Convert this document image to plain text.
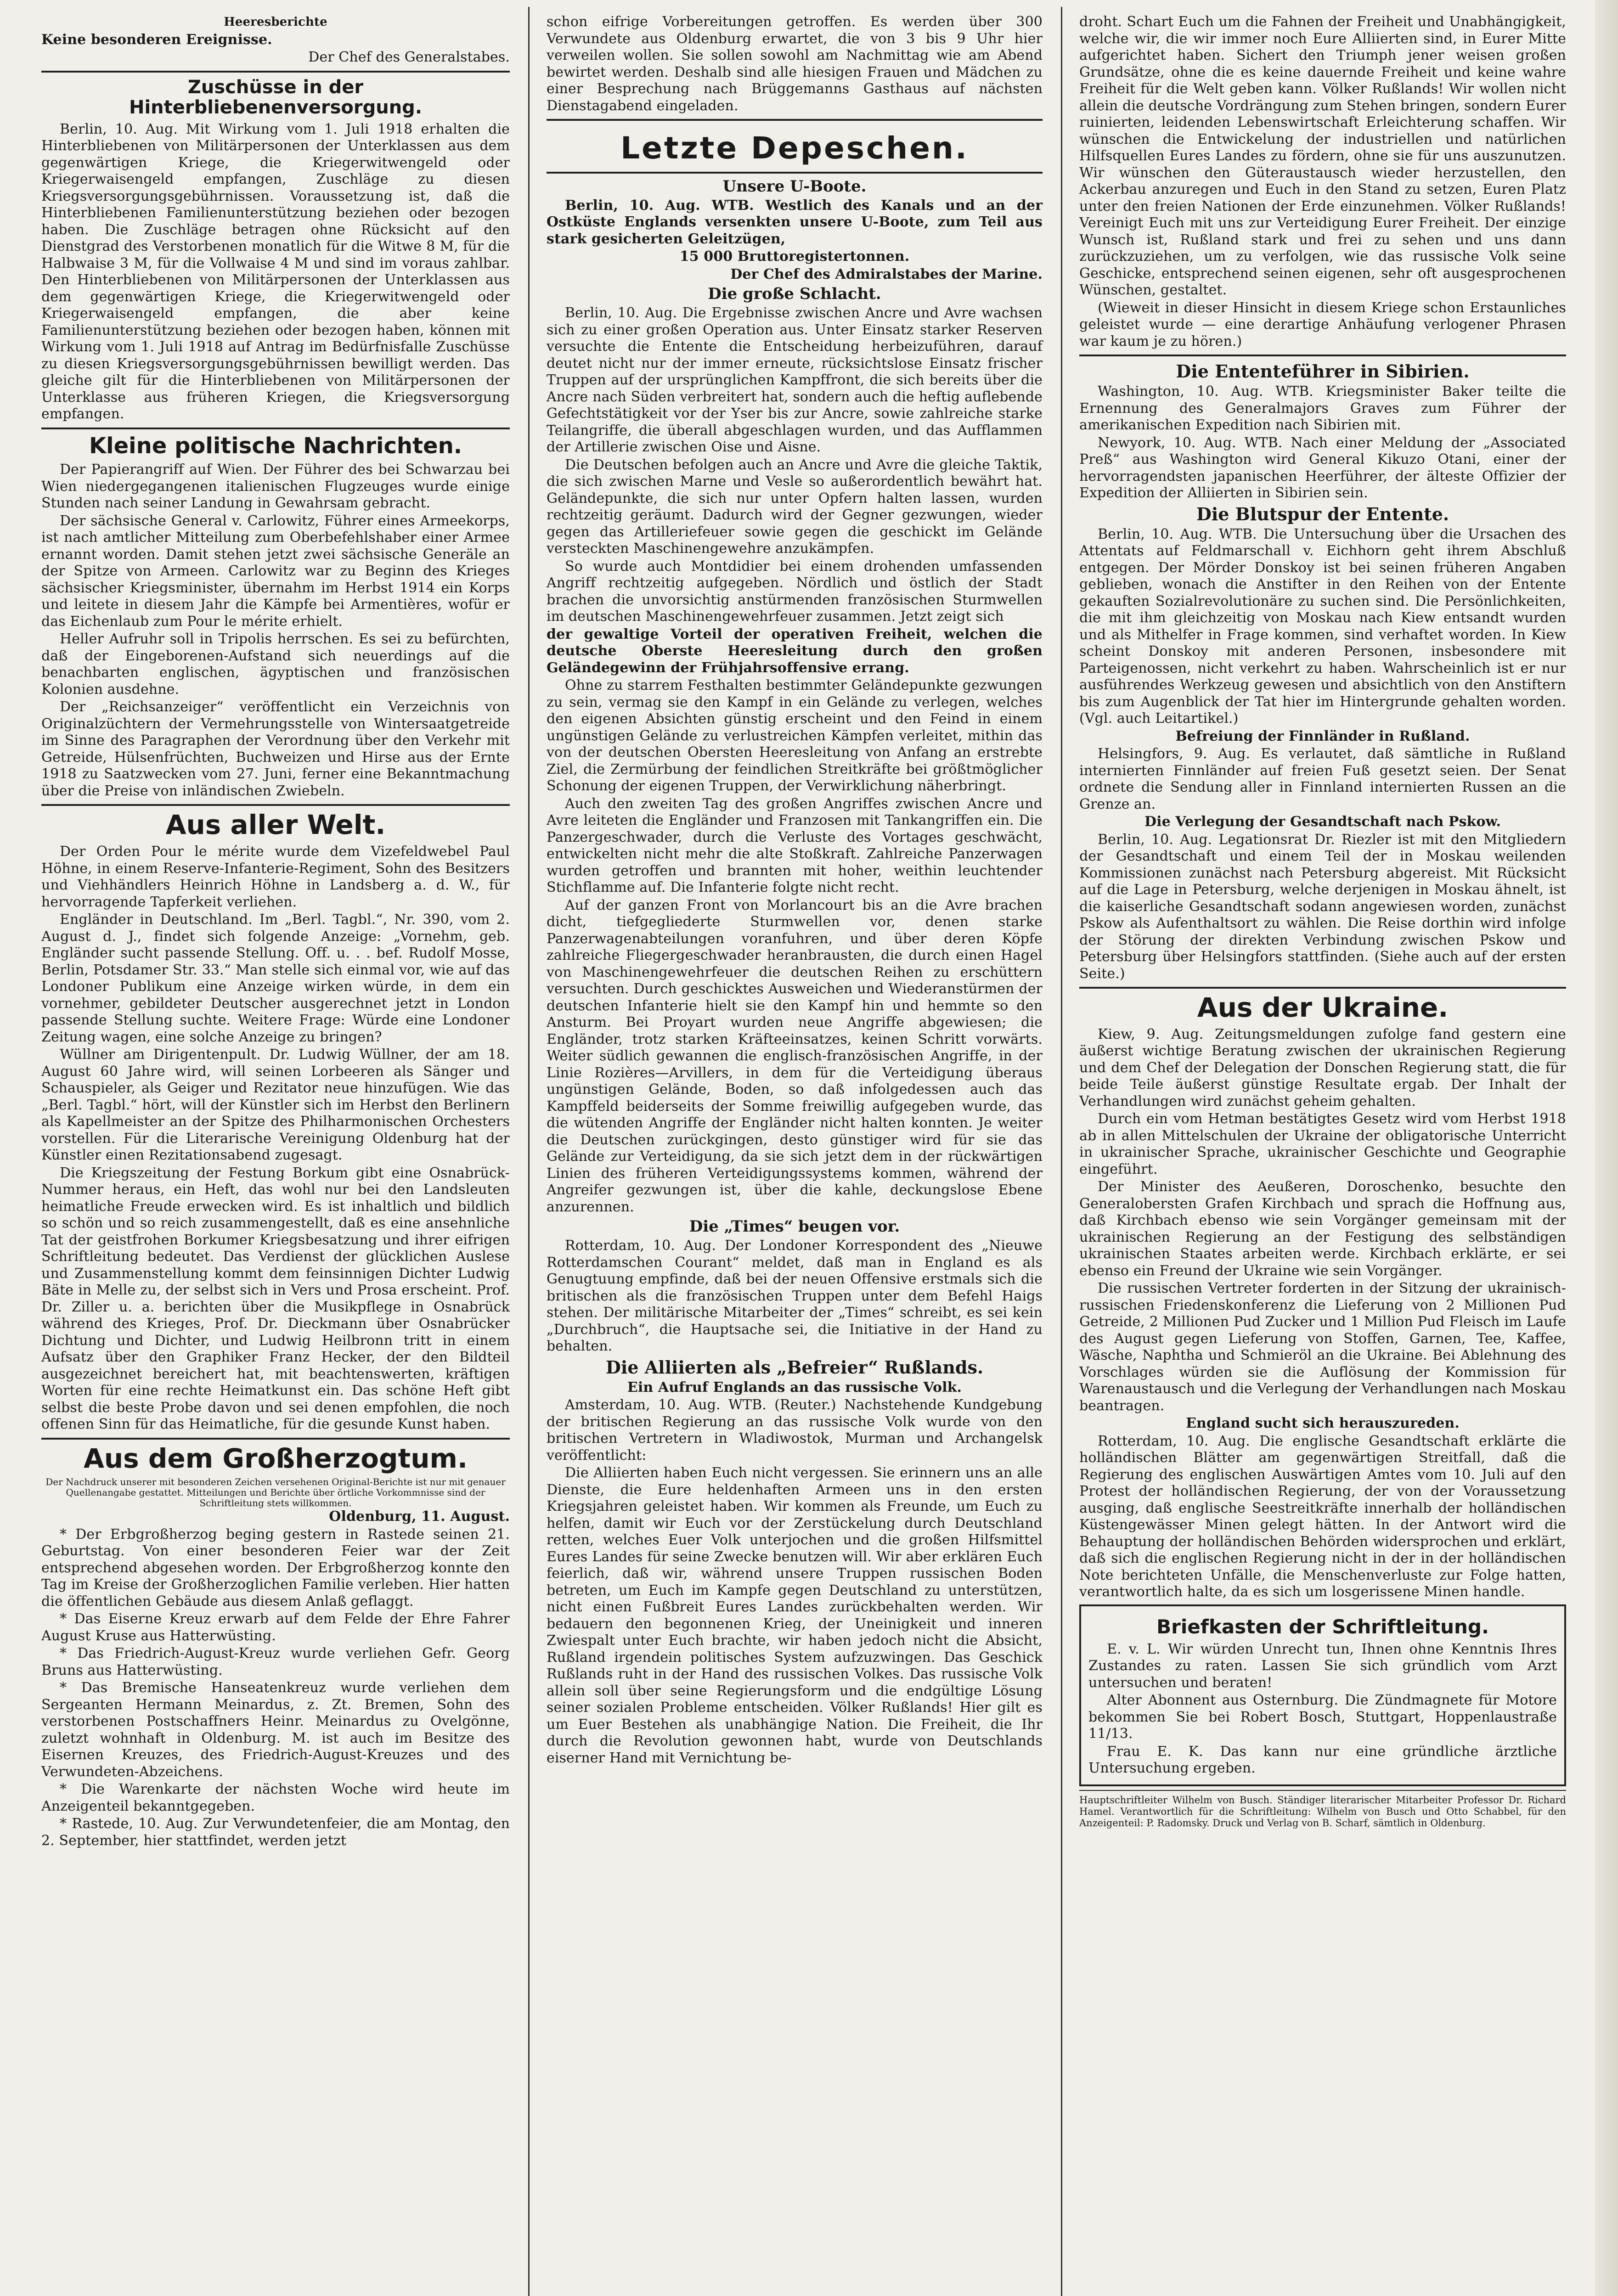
Heeresberichte
Keine besonderen Ereignisse.
Der Chef des Generalstabes.
Zuschüsse in der Hinterbliebenenversorgung.

Berlin, 10. Aug. Mit Wirkung vom 1. Juli 1918 erhalten die Hinterbliebenen von Militärpersonen der Unterklassen aus dem gegenwärtigen Kriege, die Kriegerwitwengeld oder Kriegerwaisengeld empfangen, Zuschläge zu diesen Kriegsversorgungsgebührnissen. Voraussetzung ist, daß die Hinterbliebenen Familienunterstützung beziehen oder bezogen haben. Die Zuschläge betragen ohne Rücksicht auf den Dienstgrad des Verstorbenen monatlich für die Witwe 8 M, für die Halbwaise 3 M, für die Vollwaise 4 M und sind im voraus zahlbar. Den Hinterbliebenen von Militärpersonen der Unterklassen aus dem gegenwärtigen Kriege, die Kriegerwitwengeld oder Kriegerwaisengeld empfangen, die aber keine Familienunterstützung beziehen oder bezogen haben, können mit Wirkung vom 1. Juli 1918 auf Antrag im Bedürfnisfalle Zuschüsse zu diesen Kriegsversorgungsgebührnissen bewilligt werden. Das gleiche gilt für die Hinterbliebenen von Militärpersonen der Unterklasse aus früheren Kriegen, die Kriegsversorgung empfangen.

Kleine politische Nachrichten.

Der Papierangriff auf Wien. Der Führer des bei Schwarzau bei Wien niedergegangenen italienischen Flugzeuges wurde einige Stunden nach seiner Landung in Gewahrsam gebracht.

Der sächsische General v. Carlowitz, Führer eines Armeekorps, ist nach amtlicher Mitteilung zum Oberbefehlshaber einer Armee ernannt worden. Damit stehen jetzt zwei sächsische Generäle an der Spitze von Armeen. Carlowitz war zu Beginn des Krieges sächsischer Kriegsminister, übernahm im Herbst 1914 ein Korps und leitete in diesem Jahr die Kämpfe bei Armentières, wofür er das Eichenlaub zum Pour le mérite erhielt.

Heller Aufruhr soll in Tripolis herrschen. Es sei zu befürchten, daß der Eingeborenen-Aufstand sich neuerdings auf die benachbarten englischen, ägyptischen und französischen Kolonien ausdehne.

Der „Reichsanzeiger“ veröffentlicht ein Verzeichnis von Originalzüchtern der Vermehrungsstelle von Wintersaatgetreide im Sinne des Paragraphen der Verordnung über den Verkehr mit Getreide, Hülsenfrüchten, Buchweizen und Hirse aus der Ernte 1918 zu Saatzwecken vom 27. Juni, ferner eine Bekanntmachung über die Preise von inländischen Zwiebeln.

Aus aller Welt.

Der Orden Pour le mérite wurde dem Vizefeldwebel Paul Höhne, in einem Reserve-Infanterie-Regiment, Sohn des Besitzers und Viehhändlers Heinrich Höhne in Landsberg a. d. W., für hervorragende Tapferkeit verliehen.

Engländer in Deutschland. Im „Berl. Tagbl.“, Nr. 390, vom 2. August d. J., findet sich folgende Anzeige: „Vornehm, geb. Engländer sucht passende Stellung. Off. u. . . bef. Rudolf Mosse, Berlin, Potsdamer Str. 33.“ Man stelle sich einmal vor, wie auf das Londoner Publikum eine Anzeige wirken würde, in dem ein vornehmer, gebildeter Deutscher ausgerechnet jetzt in London passende Stellung suchte. Weitere Frage: Würde eine Londoner Zeitung wagen, eine solche Anzeige zu bringen?

Wüllner am Dirigentenpult. Dr. Ludwig Wüllner, der am 18. August 60 Jahre wird, will seinen Lorbeeren als Sänger und Schauspieler, als Geiger und Rezitator neue hinzufügen. Wie das „Berl. Tagbl.“ hört, will der Künstler sich im Herbst den Berlinern als Kapellmeister an der Spitze des Philharmonischen Orchesters vorstellen. Für die Literarische Vereinigung Oldenburg hat der Künstler einen Rezitationsabend zugesagt.

Die Kriegszeitung der Festung Borkum gibt eine Osnabrück-Nummer heraus, ein Heft, das wohl nur bei den Landsleuten heimatliche Freude erwecken wird. Es ist inhaltlich und bildlich so schön und so reich zusammengestellt, daß es eine ansehnliche Tat der geistfrohen Borkumer Kriegsbesatzung und ihrer eifrigen Schriftleitung bedeutet. Das Verdienst der glücklichen Auslese und Zusammenstellung kommt dem feinsinnigen Dichter Ludwig Bäte in Melle zu, der selbst sich in Vers und Prosa erscheint. Prof. Dr. Ziller u. a. berichten über die Musikpflege in Osnabrück während des Krieges, Prof. Dr. Dieckmann über Osnabrücker Dichtung und Dichter, und Ludwig Heilbronn tritt in einem Aufsatz über den Graphiker Franz Hecker, der den Bildteil ausgezeichnet bereichert hat, mit beachtenswerten, kräftigen Worten für eine rechte Heimatkunst ein. Das schöne Heft gibt selbst die beste Probe davon und sei denen empfohlen, die noch offenen Sinn für das Heimatliche, für die gesunde Kunst haben.

Aus dem Großherzogtum.
Der Nachdruck unserer mit besonderen Zeichen versehenen Original-Berichte ist nur mit genauer Quellenangabe gestattet. Mitteilungen und Berichte über örtliche Vorkommnisse sind der Schriftleitung stets willkommen.
Oldenburg, 11. August.

* Der Erbgroßherzog beging gestern in Rastede seinen 21. Geburtstag. Von einer besonderen Feier war der Zeit entsprechend abgesehen worden. Der Erbgroßherzog konnte den Tag im Kreise der Großherzoglichen Familie verleben. Hier hatten die öffentlichen Gebäude aus diesem Anlaß geflaggt.

* Das Eiserne Kreuz erwarb auf dem Felde der Ehre Fahrer August Kruse aus Hatterwüsting.

* Das Friedrich-August-Kreuz wurde verliehen Gefr. Georg Bruns aus Hatterwüsting.

* Das Bremische Hanseatenkreuz wurde verliehen dem Sergeanten Hermann Meinardus, z. Zt. Bremen, Sohn des verstorbenen Postschaffners Heinr. Meinardus zu Ovelgönne, zuletzt wohnhaft in Oldenburg. M. ist auch im Besitze des Eisernen Kreuzes, des Friedrich-August-Kreuzes und des Verwundeten-Abzeichens.

* Die Warenkarte der nächsten Woche wird heute im Anzeigenteil bekanntgegeben.

* Rastede, 10. Aug. Zur Verwundetenfeier, die am Montag, den 2. September, hier stattfindet, werden jetzt

schon eifrige Vorbereitungen getroffen. Es werden über 300 Verwundete aus Oldenburg erwartet, die von 3 bis 9 Uhr hier verweilen wollen. Sie sollen sowohl am Nachmittag wie am Abend bewirtet werden. Deshalb sind alle hiesigen Frauen und Mädchen zu einer Besprechung nach Brüggemanns Gasthaus auf nächsten Dienstagabend eingeladen.

Letzte Depeschen.
Unsere U-Boote.

Berlin, 10. Aug. WTB. Westlich des Kanals und an der Ostküste Englands versenkten unsere U-Boote, zum Teil aus stark gesicherten Geleitzügen,

15 000 Bruttoregistertonnen.
Der Chef des Admiralstabes der Marine.
Die große Schlacht.

Berlin, 10. Aug. Die Ergebnisse zwischen Ancre und Avre wachsen sich zu einer großen Operation aus. Unter Einsatz starker Reserven versuchte die Entente die Entscheidung herbeizuführen, darauf deutet nicht nur der immer erneute, rücksichtslose Einsatz frischer Truppen auf der ursprünglichen Kampffront, die sich bereits über die Ancre nach Süden verbreitert hat, sondern auch die heftig auflebende Gefechtstätigkeit vor der Yser bis zur Ancre, sowie zahlreiche starke Teilangriffe, die überall abgeschlagen wurden, und das Aufflammen der Artillerie zwischen Oise und Aisne.

Die Deutschen befolgen auch an Ancre und Avre die gleiche Taktik, die sich zwischen Marne und Vesle so außerordentlich bewährt hat. Geländepunkte, die sich nur unter Opfern halten lassen, wurden rechtzeitig geräumt. Dadurch wird der Gegner gezwungen, wieder gegen das Artilleriefeuer sowie gegen die geschickt im Gelände versteckten Maschinengewehre anzukämpfen.

So wurde auch Montdidier bei einem drohenden umfassenden Angriff rechtzeitig aufgegeben. Nördlich und östlich der Stadt brachen die unvorsichtig anstürmenden französischen Sturmwellen im deutschen Maschinengewehrfeuer zusammen. Jetzt zeigt sich

der gewaltige Vorteil der operativen Freiheit, welchen die deutsche Oberste Heeresleitung durch den großen Geländegewinn der Frühjahrsoffensive errang.

Ohne zu starrem Festhalten bestimmter Geländepunkte gezwungen zu sein, vermag sie den Kampf in ein Gelände zu verlegen, welches den eigenen Absichten günstig erscheint und den Feind in einem ungünstigen Gelände zu verlustreichen Kämpfen verleitet, mithin das von der deutschen Obersten Heeresleitung von Anfang an erstrebte Ziel, die Zermürbung der feindlichen Streitkräfte bei größtmöglicher Schonung der eigenen Truppen, der Verwirklichung näherbringt.

Auch den zweiten Tag des großen Angriffes zwischen Ancre und Avre leiteten die Engländer und Franzosen mit Tankangriffen ein. Die Panzergeschwader, durch die Verluste des Vortages geschwächt, entwickelten nicht mehr die alte Stoßkraft. Zahlreiche Panzerwagen wurden getroffen und brannten mit hoher, weithin leuchtender Stichflamme auf. Die Infanterie folgte nicht recht.

Auf der ganzen Front von Morlancourt bis an die Avre brachen dicht, tiefgegliederte Sturmwellen vor, denen starke Panzerwagenabteilungen voranfuhren, und über deren Köpfe zahlreiche Fliegergeschwader heranbrausten, die durch einen Hagel von Maschinengewehrfeuer die deutschen Reihen zu erschüttern versuchten. Durch geschicktes Ausweichen und Wiederanstürmen der deutschen Infanterie hielt sie den Kampf hin und hemmte so den Ansturm. Bei Proyart wurden neue Angriffe abgewiesen; die Engländer, trotz starken Kräfteeinsatzes, keinen Schritt vorwärts. Weiter südlich gewannen die englisch-französischen Angriffe, in der Linie Rozières—Arvillers, in dem für die Verteidigung überaus ungünstigen Gelände, Boden, so daß infolgedessen auch das Kampffeld beiderseits der Somme freiwillig aufgegeben wurde, das die wütenden Angriffe der Engländer nicht halten konnten. Je weiter die Deutschen zurückgingen, desto günstiger wird für sie das Gelände zur Verteidigung, da sie sich jetzt dem in der rückwärtigen Linien des früheren Verteidigungssystems kommen, während der Angreifer gezwungen ist, über die kahle, deckungslose Ebene anzurennen.

Die „Times“ beugen vor.

Rotterdam, 10. Aug. Der Londoner Korrespondent des „Nieuwe Rotterdamschen Courant“ meldet, daß man in England es als Genugtuung empfinde, daß bei der neuen Offensive erstmals sich die britischen als die französischen Truppen unter dem Befehl Haigs stehen. Der militärische Mitarbeiter der „Times“ schreibt, es sei kein „Durchbruch“, die Hauptsache sei, die Initiative in der Hand zu behalten.

Die Alliierten als „Befreier“ Rußlands.
Ein Aufruf Englands an das russische Volk.

Amsterdam, 10. Aug. WTB. (Reuter.) Nachstehende Kundgebung der britischen Regierung an das russische Volk wurde von den britischen Vertretern in Wladiwostok, Murman und Archangelsk veröffentlicht:

Die Alliierten haben Euch nicht vergessen. Sie erinnern uns an alle Dienste, die Eure heldenhaften Armeen uns in den ersten Kriegsjahren geleistet haben. Wir kommen als Freunde, um Euch zu helfen, damit wir Euch vor der Zerstückelung durch Deutschland retten, welches Euer Volk unterjochen und die großen Hilfsmittel Eures Landes für seine Zwecke benutzen will. Wir aber erklären Euch feierlich, daß wir, während unsere Truppen russischen Boden betreten, um Euch im Kampfe gegen Deutschland zu unterstützen, nicht einen Fußbreit Eures Landes zurückbehalten werden. Wir bedauern den begonnenen Krieg, der Uneinigkeit und inneren Zwiespalt unter Euch brachte, wir haben jedoch nicht die Absicht, Rußland irgendein politisches System aufzuzwingen. Das Geschick Rußlands ruht in der Hand des russischen Volkes. Das russische Volk allein soll über seine Regierungsform und die endgültige Lösung seiner sozialen Probleme entscheiden. Völker Rußlands! Hier gilt es um Euer Bestehen als unabhängige Nation. Die Freiheit, die Ihr durch die Revolution gewonnen habt, wurde von Deutschlands eiserner Hand mit Vernichtung be-

droht. Schart Euch um die Fahnen der Freiheit und Unabhängigkeit, welche wir, die wir immer noch Eure Alliierten sind, in Eurer Mitte aufgerichtet haben. Sichert den Triumph jener weisen großen Grundsätze, ohne die es keine dauernde Freiheit und keine wahre Freiheit für die Welt geben kann. Völker Rußlands! Wir wollen nicht allein die deutsche Vordrängung zum Stehen bringen, sondern Eurer ruinierten, leidenden Lebenswirtschaft Erleichterung schaffen. Wir wünschen die Entwickelung der industriellen und natürlichen Hilfsquellen Eures Landes zu fördern, ohne sie für uns auszunutzen. Wir wünschen den Güteraustausch wieder herzustellen, den Ackerbau anzuregen und Euch in den Stand zu setzen, Euren Platz unter den freien Nationen der Erde einzunehmen. Völker Rußlands! Vereinigt Euch mit uns zur Verteidigung Eurer Freiheit. Der einzige Wunsch ist, Rußland stark und frei zu sehen und uns dann zurückzuziehen, um zu verfolgen, wie das russische Volk seine Geschicke, entsprechend seinen eigenen, sehr oft ausgesprochenen Wünschen, gestaltet.

(Wieweit in dieser Hinsicht in diesem Kriege schon Erstaunliches geleistet wurde — eine derartige Anhäufung verlogener Phrasen war kaum je zu hören.)

Die Ententeführer in Sibirien.

Washington, 10. Aug. WTB. Kriegsminister Baker teilte die Ernennung des Generalmajors Graves zum Führer der amerikanischen Expedition nach Sibirien mit.

Newyork, 10. Aug. WTB. Nach einer Meldung der „Associated Preß“ aus Washington wird General Kikuzo Otani, einer der hervorragendsten japanischen Heerführer, der älteste Offizier der Expedition der Alliierten in Sibirien sein.

Die Blutspur der Entente.

Berlin, 10. Aug. WTB. Die Untersuchung über die Ursachen des Attentats auf Feldmarschall v. Eichhorn geht ihrem Abschluß entgegen. Der Mörder Donskoy ist bei seinen früheren Angaben geblieben, wonach die Anstifter in den Reihen von der Entente gekauften Sozialrevolutionäre zu suchen sind. Die Persönlichkeiten, die mit ihm gleichzeitig von Moskau nach Kiew entsandt wurden und als Mithelfer in Frage kommen, sind verhaftet worden. In Kiew scheint Donskoy mit anderen Personen, insbesondere mit Parteigenossen, nicht verkehrt zu haben. Wahrscheinlich ist er nur ausführendes Werkzeug gewesen und absichtlich von den Anstiftern bis zum Augenblick der Tat hier im Hintergrunde gehalten worden. (Vgl. auch Leitartikel.)

Befreiung der Finnländer in Rußland.

Helsingfors, 9. Aug. Es verlautet, daß sämtliche in Rußland internierten Finnländer auf freien Fuß gesetzt seien. Der Senat ordnete die Sendung aller in Finnland internierten Russen an die Grenze an.

Die Verlegung der Gesandtschaft nach Pskow.

Berlin, 10. Aug. Legationsrat Dr. Riezler ist mit den Mitgliedern der Gesandtschaft und einem Teil der in Moskau weilenden Kommissionen zunächst nach Petersburg abgereist. Mit Rücksicht auf die Lage in Petersburg, welche derjenigen in Moskau ähnelt, ist die kaiserliche Gesandtschaft sodann angewiesen worden, zunächst Pskow als Aufenthaltsort zu wählen. Die Reise dorthin wird infolge der Störung der direkten Verbindung zwischen Pskow und Petersburg über Helsingfors stattfinden. (Siehe auch auf der ersten Seite.)

Aus der Ukraine.

Kiew, 9. Aug. Zeitungsmeldungen zufolge fand gestern eine äußerst wichtige Beratung zwischen der ukrainischen Regierung und dem Chef der Delegation der Donschen Regierung statt, die für beide Teile äußerst günstige Resultate ergab. Der Inhalt der Verhandlungen wird zunächst geheim gehalten.

Durch ein vom Hetman bestätigtes Gesetz wird vom Herbst 1918 ab in allen Mittelschulen der Ukraine der obligatorische Unterricht in ukrainischer Sprache, ukrainischer Geschichte und Geographie eingeführt.

Der Minister des Aeußeren, Doroschenko, besuchte den Generalobersten Grafen Kirchbach und sprach die Hoffnung aus, daß Kirchbach ebenso wie sein Vorgänger gemeinsam mit der ukrainischen Regierung an der Festigung des selbständigen ukrainischen Staates arbeiten werde. Kirchbach erklärte, er sei ebenso ein Freund der Ukraine wie sein Vorgänger.

Die russischen Vertreter forderten in der Sitzung der ukrainisch-russischen Friedenskonferenz die Lieferung von 2 Millionen Pud Getreide, 2 Millionen Pud Zucker und 1 Million Pud Fleisch im Laufe des August gegen Lieferung von Stoffen, Garnen, Tee, Kaffee, Wäsche, Naphtha und Schmieröl an die Ukraine. Bei Ablehnung des Vorschlages würden sie die Auflösung der Kommission für Warenaustausch und die Verlegung der Verhandlungen nach Moskau beantragen.

England sucht sich herauszureden.

Rotterdam, 10. Aug. Die englische Gesandtschaft erklärte die holländischen Blätter am gegenwärtigen Streitfall, daß die Regierung des englischen Auswärtigen Amtes vom 10. Juli auf den Protest der holländischen Regierung, der von der Voraussetzung ausging, daß englische Seestreitkräfte innerhalb der holländischen Küstengewässer Minen gelegt hätten. In der Antwort wird die Behauptung der holländischen Behörden widersprochen und erklärt, daß sich die englischen Regierung nicht in der in der holländischen Note berichteten Unfälle, die Menschenverluste zur Folge hatten, verantwortlich halte, da es sich um losgerissene Minen handle.

Briefkasten der Schriftleitung.

E. v. L. Wir würden Unrecht tun, Ihnen ohne Kenntnis Ihres Zustandes zu raten. Lassen Sie sich gründlich vom Arzt untersuchen und beraten!

Alter Abonnent aus Osternburg. Die Zündmagnete für Motore bekommen Sie bei Robert Bosch, Stuttgart, Hoppenlaustraße 11/13.

Frau E. K. Das kann nur eine gründliche ärztliche Untersuchung ergeben.

Hauptschriftleiter Wilhelm von Busch. Ständiger literarischer Mitarbeiter Professor Dr. Richard Hamel. Verantwortlich für die Schriftleitung: Wilhelm von Busch und Otto Schabbel, für den Anzeigenteil: P. Radomsky. Druck und Verlag von B. Scharf, sämtlich in Oldenburg.
